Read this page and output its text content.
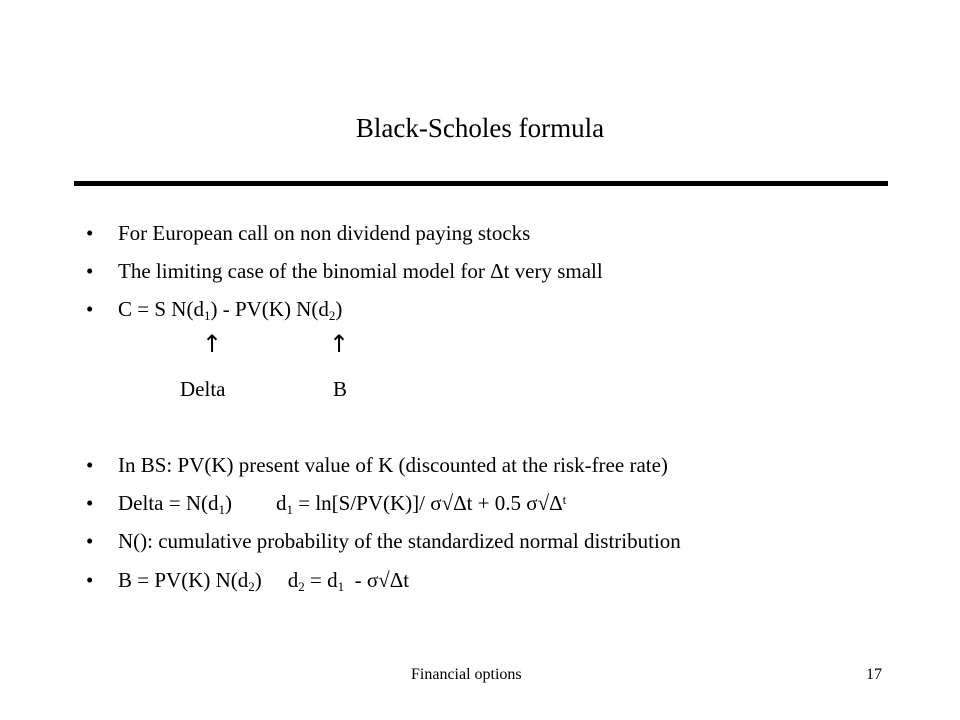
Black-Scholes formula
• For European call on non dividend paying stocks
• The limiting case of the binomial model for Δt very small
• C = S $N(d_1) - PV(K)$ $N(d_2)$
↑	↑
Delta	B
• In BS: PV(K) present value of K (discounted at the risk-free rate)
• Delta = $N(d_1) d_1 = \ln[S/PV(K)]/$ σ√Δt + 0.5 $\sigma√\Delta^t$
• N(): cumulative probability of the standardized normal distribution
• B = PV(K) $N(d_2) d_2 = d_1 - \sigma√\Delta t$
Financial options	17
